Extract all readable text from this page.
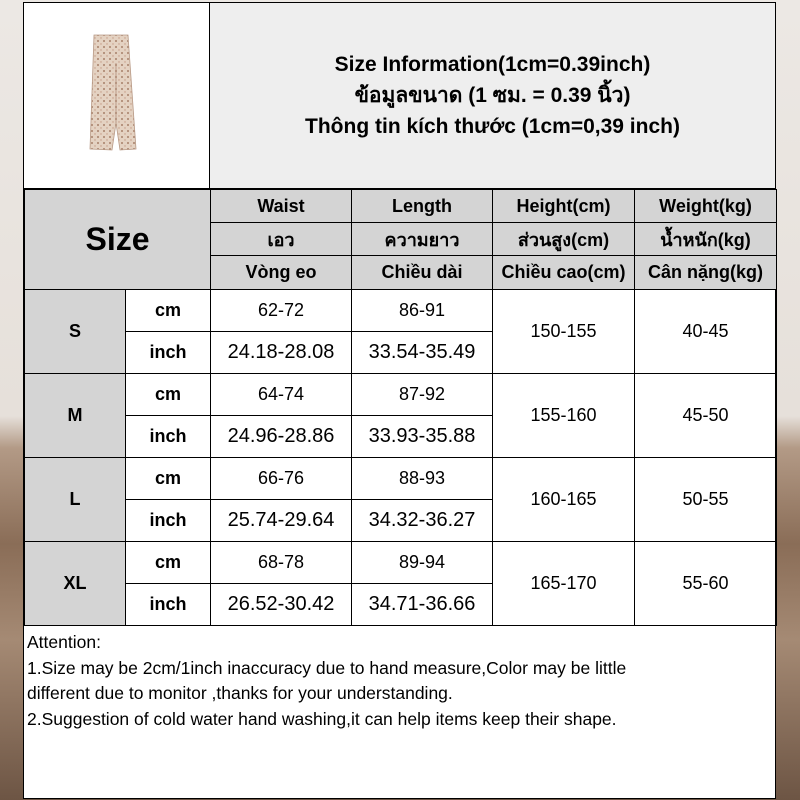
Size Information(1cm=0.39inch)
ข้อมูลขนาด (1 ซม. = 0.39 นิ้ว)
Thông tin kích thước (1cm=0,39 inch)
Size		Waist	Length	Height(cm)	Weight(kg)
		เอว	ความยาว	ส่วนสูง(cm)	น้ำหนัก(kg)
		Vòng eo	Chiều dài	Chiều cao(cm)	Cân nặng(kg)
S	cm	62-72	86-91	150-155	40-45
	inch	24.18-28.08	33.54-35.49		
M	cm	64-74	87-92	155-160	45-50
	inch	24.96-28.86	33.93-35.88		
L	cm	66-76	88-93	160-165	50-55
	inch	25.74-29.64	34.32-36.27		
XL	cm	68-78	89-94	165-170	55-60
	inch	26.52-30.42	34.71-36.66		
Attention:
1.Size may be 2cm/1inch inaccuracy due to hand measure,Color may be little
different due to monitor ,thanks for your understanding.
2.Suggestion of cold water hand washing,it can help items keep their shape.
